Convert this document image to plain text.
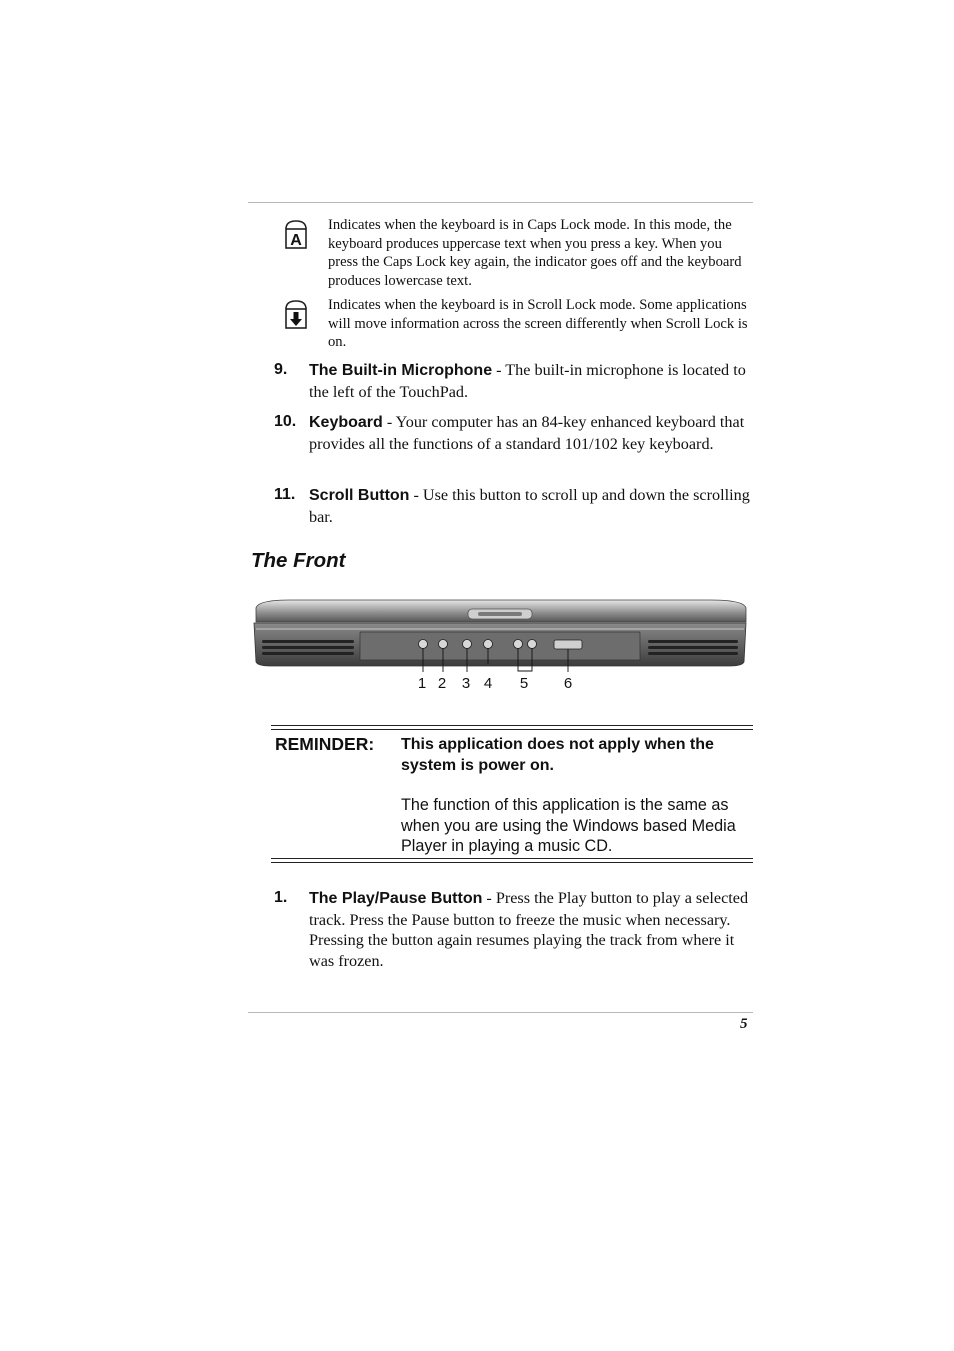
A
Indicates when the keyboard is in Caps Lock mode. In this mode, the keyboard produces uppercase text when you press a key. When you press the Caps Lock key again, the indicator goes off and the keyboard produces lowercase text.
Indicates when the keyboard is in Scroll Lock mode. Some applications will move information across the screen differently when Scroll Lock is on.
9. The Built-in Microphone - The built-in microphone is located to the left of the TouchPad.
10. Keyboard - Your computer has an 84-key enhanced keyboard that provides all the functions of a standard 101/102 key keyboard.
11. Scroll Button - Use this button to scroll up and down the scrolling bar.
The Front
1 2 3 4 5 6
REMINDER: This application does not apply when the system is power on.
The function of this application is the same as when you are using the Windows based Media Player in playing a music CD.
1. The Play/Pause Button - Press the Play button to play a selected track. Press the Pause button to freeze the music when necessary. Pressing the button again resumes playing the track from where it was frozen.
5
